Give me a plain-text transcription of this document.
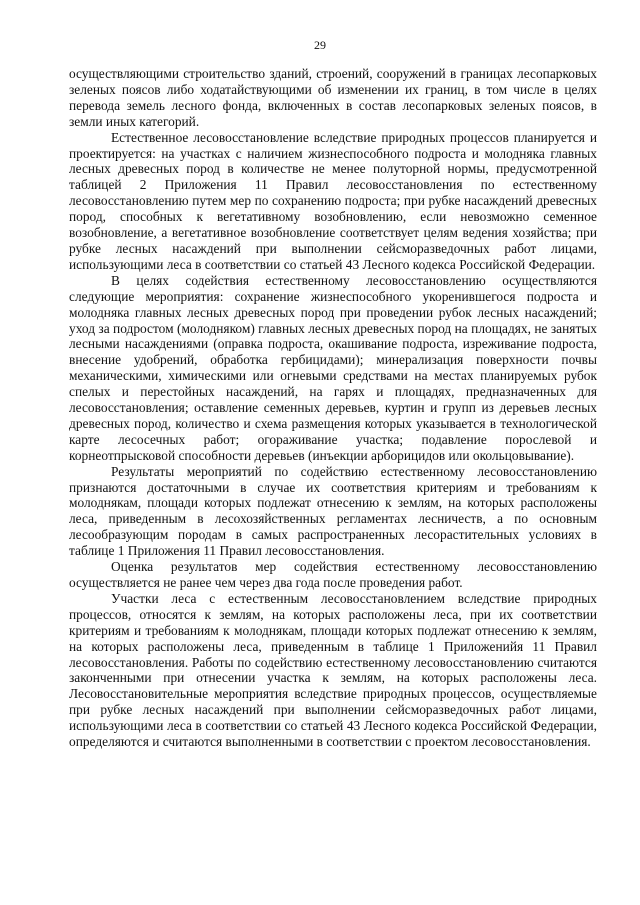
29

осуществляющими строительство зданий, строений, сооружений в границах лесопарковых зеленых поясов либо ходатайствующими об изменении их границ, в том числе в целях перевода земель лесного фонда, включенных в состав лесопарковых зеленых поясов, в земли иных категорий.

Естественное лесовосстановление вследствие природных процессов планируется и проектируется: на участках с наличием жизнеспособного подроста и молодняка главных лесных древесных пород в количестве не менее полуторной нормы, предусмотренной таблицей 2 Приложения 11 Правил лесовосстановления по естественному лесовосстановлению путем мер по сохранению подроста; при рубке насаждений древесных пород, способных к вегетативному возобновлению, если невозможно семенное возобновление, а вегетативное возобновление соответствует целям ведения хозяйства; при рубке лесных насаждений при выполнении сейсморазведочных работ лицами, использующими леса в соответствии со статьей 43 Лесного кодекса Российской Федерации.

В целях содействия естественному лесовосстановлению осуществляются следующие мероприятия: сохранение жизнеспособного укоренившегося подроста и молодняка главных лесных древесных пород при проведении рубок лесных насаждений; уход за подростом (молодняком) главных лесных древесных пород на площадях, не занятых лесными насаждениями (оправка подроста, окашивание подроста, изреживание подроста, внесение удобрений, обработка гербицидами); минерализация поверхности почвы механическими, химическими или огневыми средствами на местах планируемых рубок спелых и перестойных насаждений, на гарях и площадях, предназначенных для лесовосстановления; оставление семенных деревьев, куртин и групп из деревьев лесных древесных пород, количество и схема размещения которых указывается в технологической карте лесосечных работ; огораживание участка; подавление порослевой и корнеотпрысковой способности деревьев (инъекции арборицидов или окольцовывание).

Результаты мероприятий по содействию естественному лесовосстановлению признаются достаточными в случае их соответствия критериям и требованиям к молоднякам, площади которых подлежат отнесению к землям, на которых расположены леса, приведенным в лесохозяйственных регламентах лесничеств, а по основным лесообразующим породам в самых распространенных лесорастительных условиях в таблице 1 Приложения 11 Правил лесовосстановления.

Оценка результатов мер содействия естественному лесовосстановлению осуществляется не ранее чем через два года после проведения работ.

Участки леса с естественным лесовосстановлением вследствие природных процессов, относятся к землям, на которых расположены леса, при их соответствии критериям и требованиям к молоднякам, площади которых подлежат отнесению к землям, на которых расположены леса, приведенным в таблице 1 Приложенийя 11 Правил лесовосстановления. Работы по содействию естественному лесовосстановлению считаются законченными при отнесении участка к землям, на которых расположены леса. Лесовосстановительные мероприятия вследствие природных процессов, осуществляемые при рубке лесных насаждений при выполнении сейсморазведочных работ лицами, использующими леса в соответствии со статьей 43 Лесного кодекса Российской Федерации, определяются и считаются выполненными в соответствии с проектом лесовосстановления.
